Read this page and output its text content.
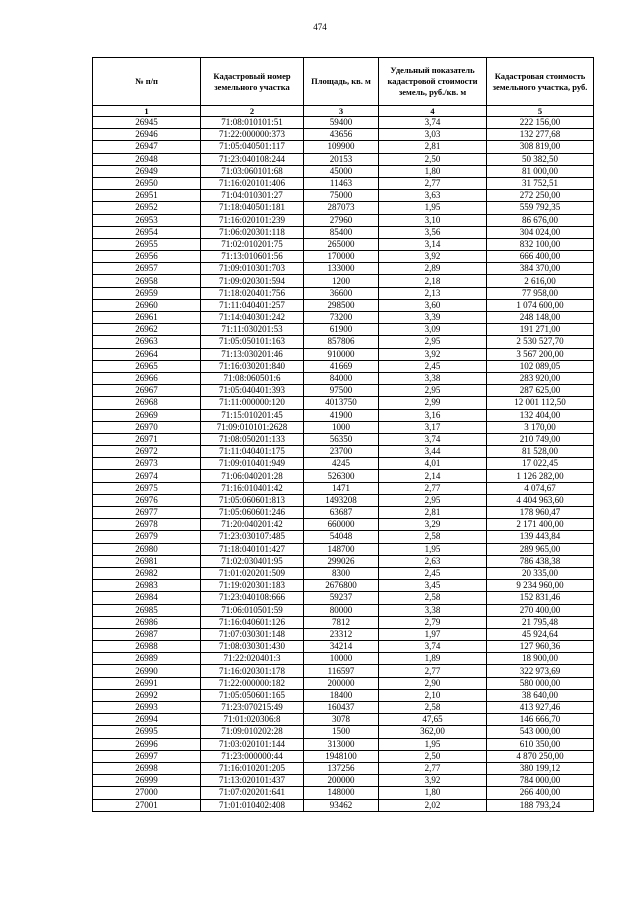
474
№ п/п	Кадастровый номер земельного участка	Площадь, кв. м	Удельный показатель кадастровой стоимости земель, руб./кв. м	Кадастровая стоимость земельного участка, руб.
1	2	3	4	5
26945	71:08:010101:51	59400	3,74	222 156,00
26946	71:22:000000:373	43656	3,03	132 277,68
26947	71:05:040501:117	109900	2,81	308 819,00
26948	71:23:040108:244	20153	2,50	50 382,50
26949	71:03:060101:68	45000	1,80	81 000,00
26950	71:16:020101:406	11463	2,77	31 752,51
26951	71:04:010301:27	75000	3,63	272 250,00
26952	71:18:040501:181	287073	1,95	559 792,35
26953	71:16:020101:239	27960	3,10	86 676,00
26954	71:06:020301:118	85400	3,56	304 024,00
26955	71:02:010201:75	265000	3,14	832 100,00
26956	71:13:010601:56	170000	3,92	666 400,00
26957	71:09:010301:703	133000	2,89	384 370,00
26958	71:09:020301:594	1200	2,18	2 616,00
26959	71:18:020401:756	36600	2,13	77 958,00
26960	71:11:040401:257	298500	3,60	1 074 600,00
26961	71:14:040301:242	73200	3,39	248 148,00
26962	71:11:030201:53	61900	3,09	191 271,00
26963	71:05:050101:163	857806	2,95	2 530 527,70
26964	71:13:030201:46	910000	3,92	3 567 200,00
26965	71:16:030201:840	41669	2,45	102 089,05
26966	71:08:060501:6	84000	3,38	283 920,00
26967	71:05:040401:393	97500	2,95	287 625,00
26968	71:11:000000:120	4013750	2,99	12 001 112,50
26969	71:15:010201:45	41900	3,16	132 404,00
26970	71:09:010101:2628	1000	3,17	3 170,00
26971	71:08:050201:133	56350	3,74	210 749,00
26972	71:11:040401:175	23700	3,44	81 528,00
26973	71:09:010401:949	4245	4,01	17 022,45
26974	71:06:040201:28	526300	2,14	1 126 282,00
26975	71:16:010401:42	1471	2,77	4 074,67
26976	71:05:060601:813	1493208	2,95	4 404 963,60
26977	71:05:060601:246	63687	2,81	178 960,47
26978	71:20:040201:42	660000	3,29	2 171 400,00
26979	71:23:030107:485	54048	2,58	139 443,84
26980	71:18:040101:427	148700	1,95	289 965,00
26981	71:02:030401:95	299026	2,63	786 438,38
26982	71:01:020201:509	8300	2,45	20 335,00
26983	71:19:020301:183	2676800	3,45	9 234 960,00
26984	71:23:040108:666	59237	2,58	152 831,46
26985	71:06:010501:59	80000	3,38	270 400,00
26986	71:16:040601:126	7812	2,79	21 795,48
26987	71:07:030301:148	23312	1,97	45 924,64
26988	71:08:030301:430	34214	3,74	127 960,36
26989	71:22:020401:3	10000	1,89	18 900,00
26990	71:16:020301:178	116597	2,77	322 973,69
26991	71:22:000000:182	200000	2,90	580 000,00
26992	71:05:050601:165	18400	2,10	38 640,00
26993	71:23:070215:49	160437	2,58	413 927,46
26994	71:01:020306:8	3078	47,65	146 666,70
26995	71:09:010202:28	1500	362,00	543 000,00
26996	71:03:020101:144	313000	1,95	610 350,00
26997	71:23:000000:44	1948100	2,50	4 870 250,00
26998	71:16:010201:205	137256	2,77	380 199,12
26999	71:13:020101:437	200000	3,92	784 000,00
27000	71:07:020201:641	148000	1,80	266 400,00
27001	71:01:010402:408	93462	2,02	188 793,24
